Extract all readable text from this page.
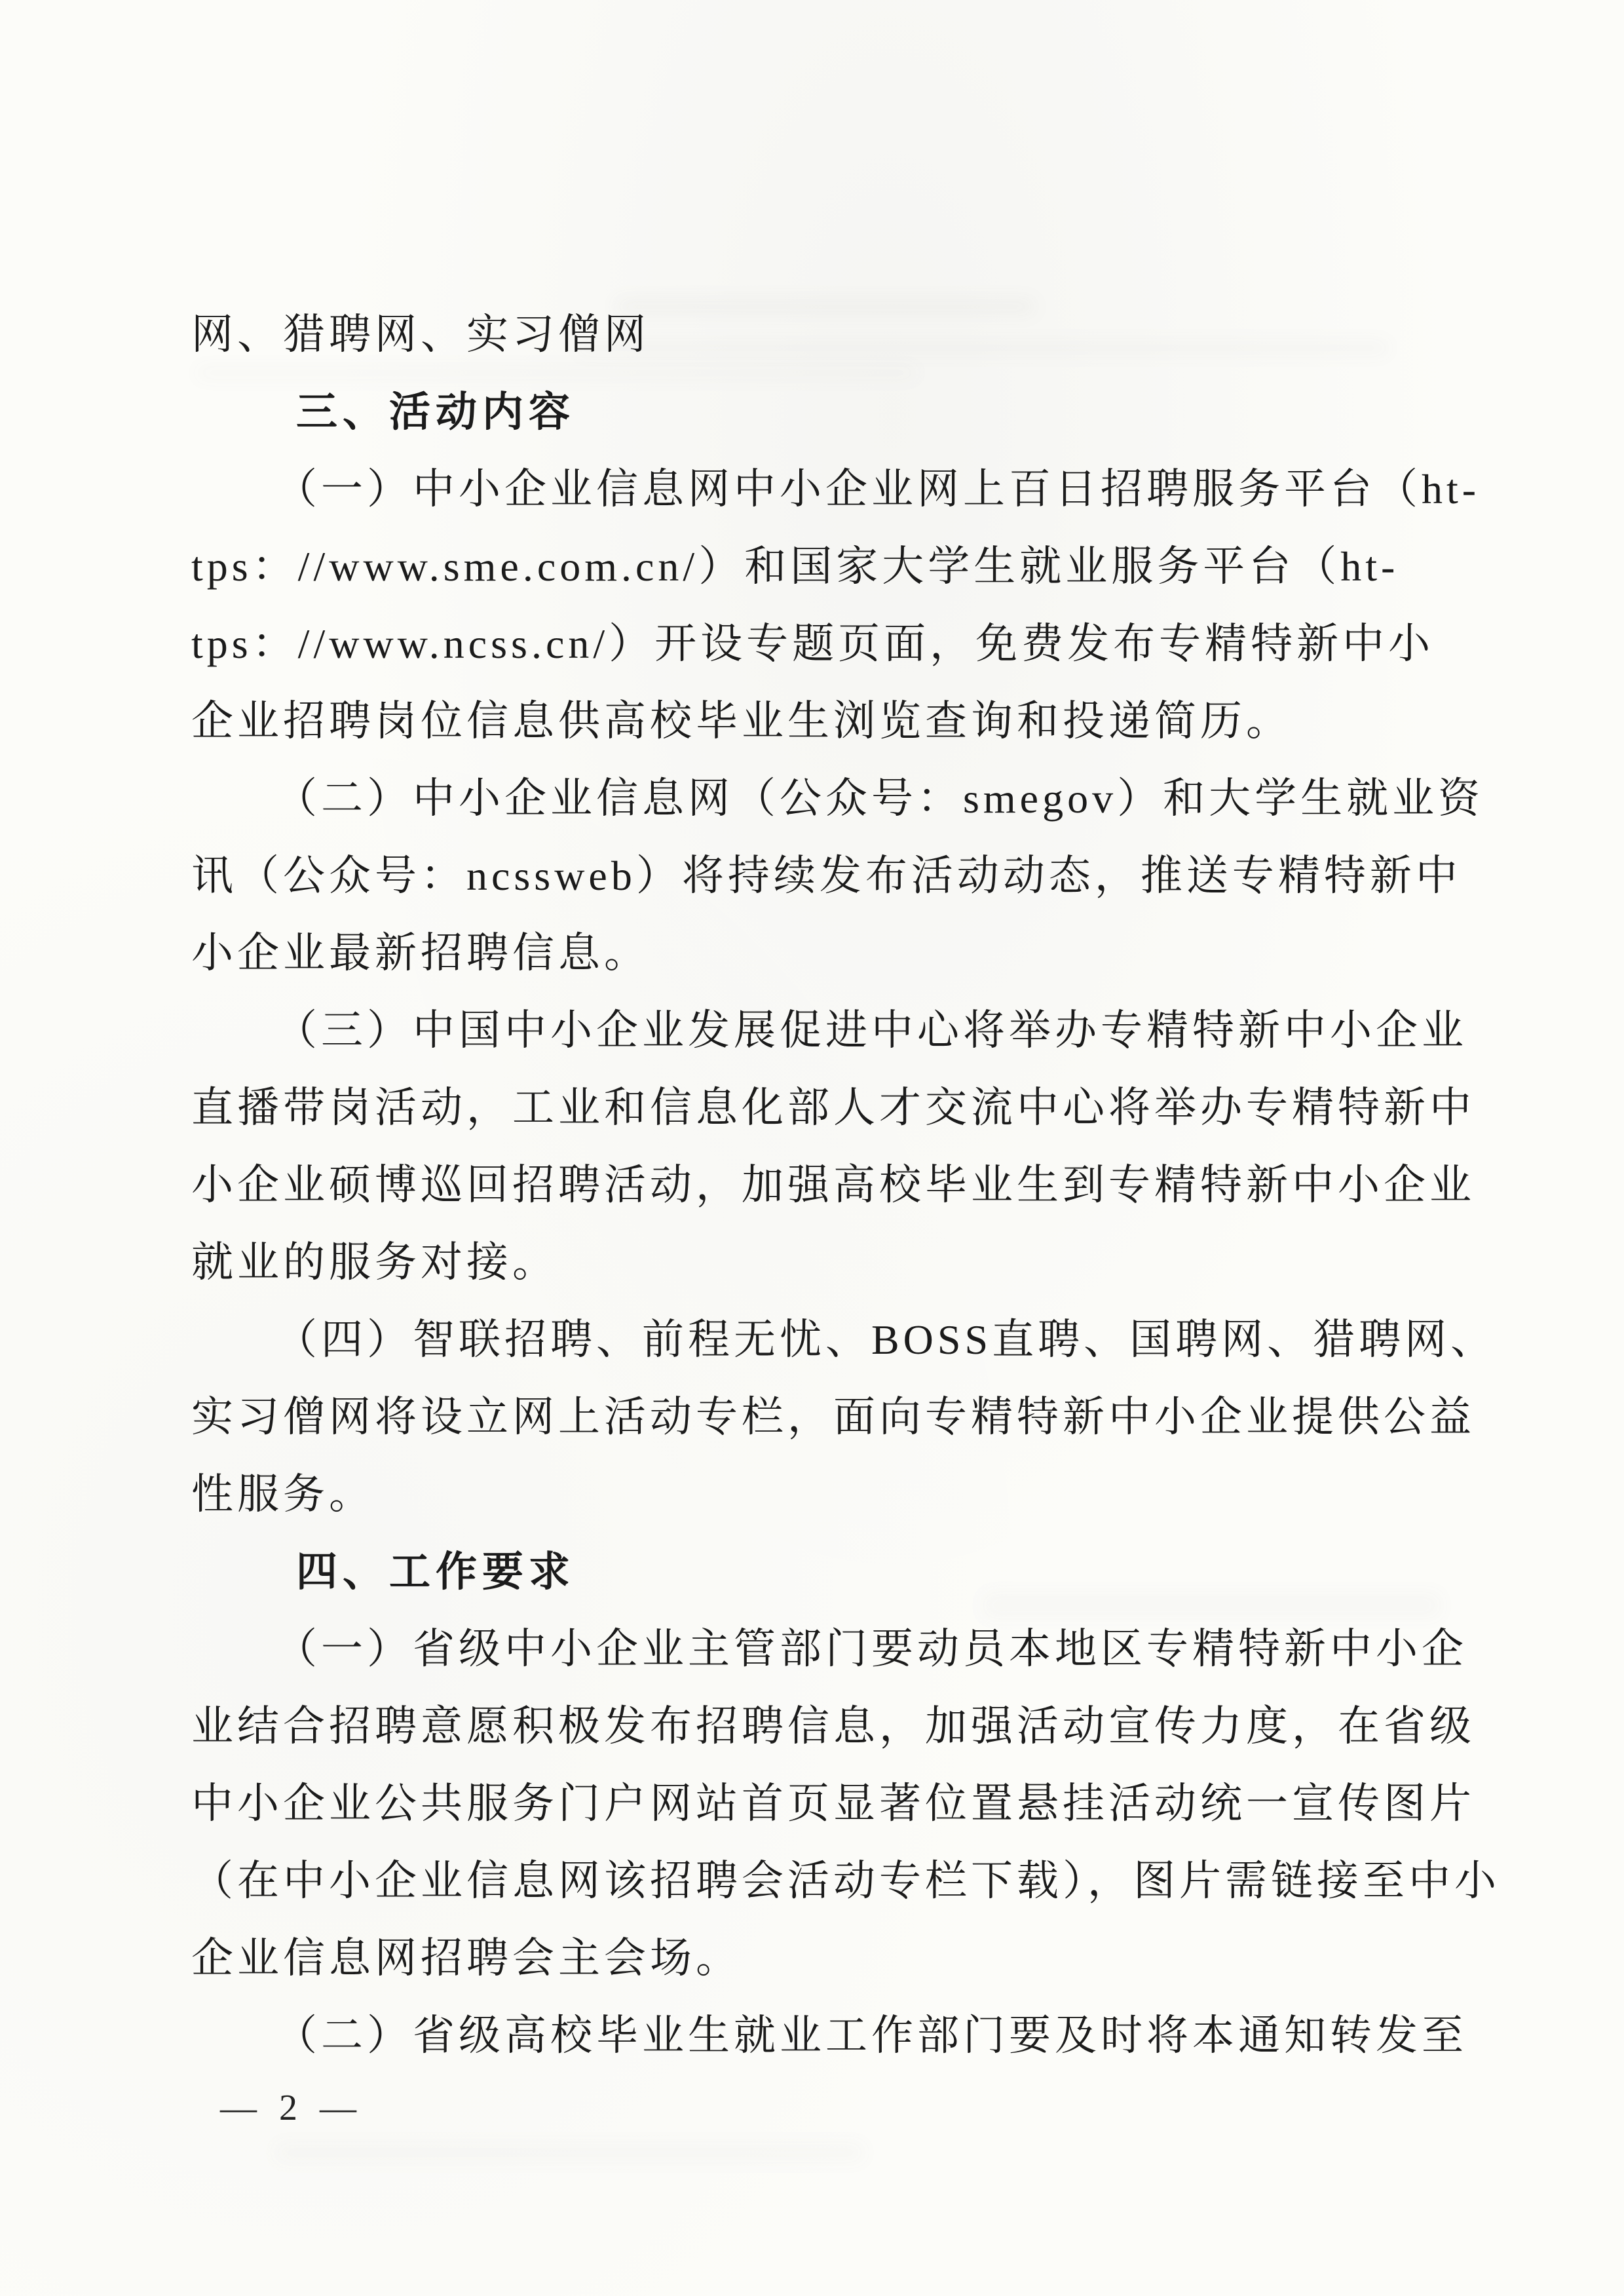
网、猎聘网、实习僧网
三、活动内容
（一）中小企业信息网中小企业网上百日招聘服务平台（ht-
tps：//www.sme.com.cn/）和国家大学生就业服务平台（ht-
tps：//www.ncss.cn/）开设专题页面，免费发布专精特新中小
企业招聘岗位信息供高校毕业生浏览查询和投递简历。
（二）中小企业信息网（公众号：smegov）和大学生就业资
讯（公众号：ncssweb）将持续发布活动动态，推送专精特新中
小企业最新招聘信息。
（三）中国中小企业发展促进中心将举办专精特新中小企业
直播带岗活动，工业和信息化部人才交流中心将举办专精特新中
小企业硕博巡回招聘活动，加强高校毕业生到专精特新中小企业
就业的服务对接。
（四）智联招聘、前程无忧、BOSS直聘、国聘网、猎聘网、
实习僧网将设立网上活动专栏，面向专精特新中小企业提供公益
性服务。
四、工作要求
（一）省级中小企业主管部门要动员本地区专精特新中小企
业结合招聘意愿积极发布招聘信息，加强活动宣传力度，在省级
中小企业公共服务门户网站首页显著位置悬挂活动统一宣传图片
（在中小企业信息网该招聘会活动专栏下载），图片需链接至中小
企业信息网招聘会主会场。
（二）省级高校毕业生就业工作部门要及时将本通知转发至
— 2 —
